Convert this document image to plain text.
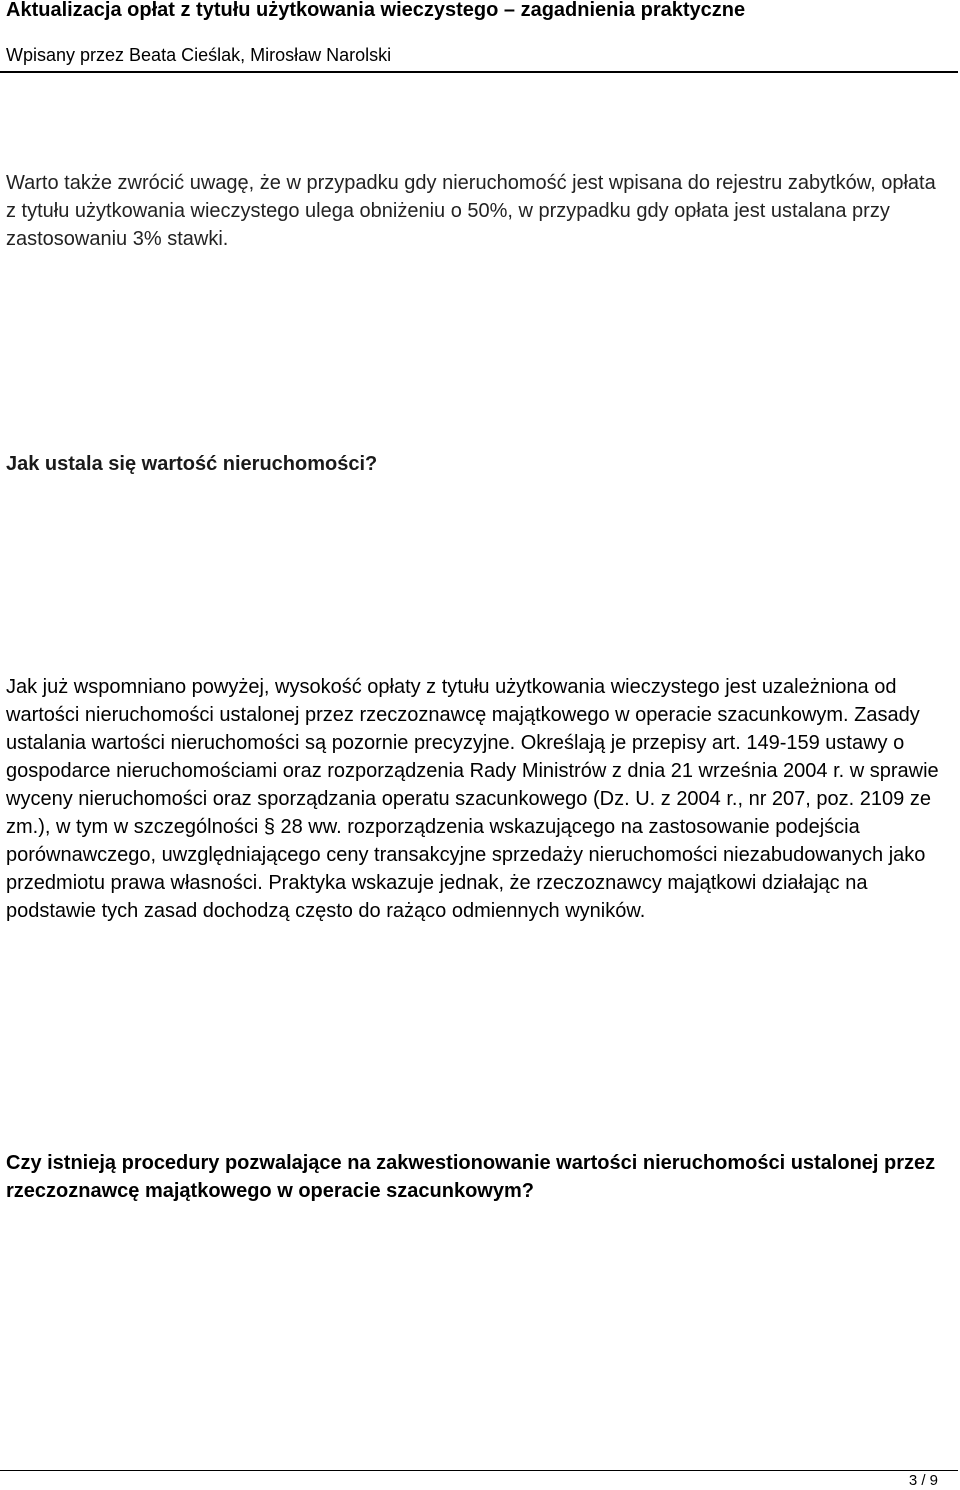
Aktualizacja opłat z tytułu użytkowania wieczystego – zagadnienia praktyczne
Wpisany przez Beata Cieślak, Mirosław Narolski

Warto także zwrócić uwagę, że w przypadku gdy nieruchomość jest wpisana do rejestru zabytków, opłata z tytułu użytkowania wieczystego ulega obniżeniu o 50%, w przypadku gdy opłata jest ustalana przy zastosowaniu 3% stawki.

Jak ustala się wartość nieruchomości?

Jak już wspomniano powyżej, wysokość opłaty z tytułu użytkowania wieczystego jest uzależniona od wartości nieruchomości ustalonej przez rzeczoznawcę majątkowego w operacie szacunkowym. Zasady ustalania wartości nieruchomości są pozornie precyzyjne. Określają je przepisy art. 149-159 ustawy o gospodarce nieruchomościami oraz rozporządzenia Rady Ministrów z dnia 21 września 2004 r. w sprawie wyceny nieruchomości oraz sporządzania operatu szacunkowego (Dz. U. z 2004 r., nr 207, poz. 2109 ze zm.), w tym w szczególności § 28 ww. rozporządzenia wskazującego na zastosowanie podejścia porównawczego, uwzględniającego ceny transakcyjne sprzedaży nieruchomości niezabudowanych jako przedmiotu prawa własności. Praktyka wskazuje jednak, że rzeczoznawcy majątkowi działając na podstawie tych zasad dochodzą często do rażąco odmiennych wyników.

Czy istnieją procedury pozwalające na zakwestionowanie wartości nieruchomości ustalonej przez rzeczoznawcę majątkowego w operacie szacunkowym?
3 / 9
